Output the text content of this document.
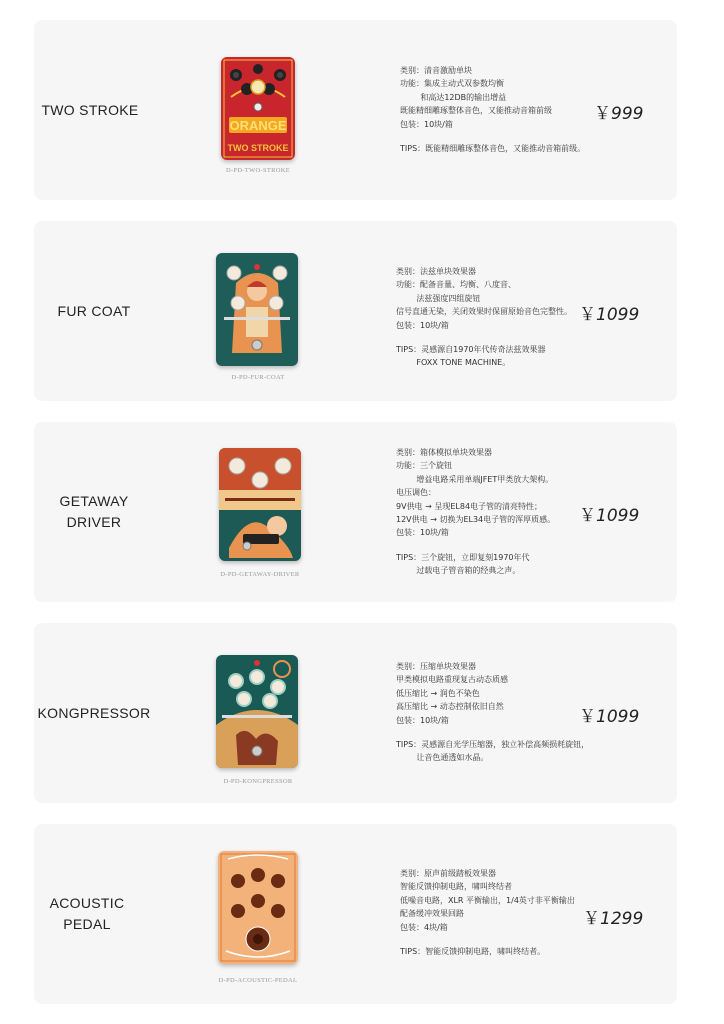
TWO STROKE
ORANGE
TWO STROKE
D-PD-TWO-STROKE
类别：清音激励单块
功能：集成主动式双参数均衡
和高达12DB的输出增益
既能精细雕琢整体音色，又能推动音箱前级
包装：10块/箱
TIPS：既能精细雕琢整体音色，又能推动音箱前级。
￥999
FUR COAT
D-PD-FUR-COAT
类别：法兹单块效果器
功能：配备音量、均衡、八度音、
法兹强度四组旋钮
信号直通无染，关闭效果时保留原始音色完整性。
包装：10块/箱
TIPS：灵感源自1970年代传奇法兹效果器
FOXX TONE MACHINE。
￥1099
GETAWAY
DRIVER
D-PD-GETAWAY-DRIVER
类别：箱体模拟单块效果器
功能：三个旋钮
增益电路采用单端JFET甲类放大架构。
电压调色：
9V供电 → 呈现EL84电子管的清亮特性；
12V供电 → 切换为EL34电子管的浑厚质感。
包装：10块/箱
TIPS：三个旋钮，立即复刻1970年代
过载电子管音箱的经典之声。
￥1099
KONGPRESSOR
D-PD-KONGPRESSOR
类别：压缩单块效果器
甲类模拟电路重现复古动态质感
低压缩比 → 润色不染色
高压缩比 → 动态控制依旧自然
包装：10块/箱
TIPS：灵感源自光学压缩器，独立补偿高频损耗旋钮，
让音色通透如水晶。
￥1099
ACOUSTIC
PEDAL
D-PD-ACOUSTIC-PEDAL
类别：原声前级踏板效果器
智能反馈抑制电路，啸叫终结者
低噪音电路，XLR 平衡输出，1/4英寸非平衡输出
配备缓冲效果回路
包装：4块/箱
TIPS：智能反馈抑制电路，啸叫终结者。
￥1299
